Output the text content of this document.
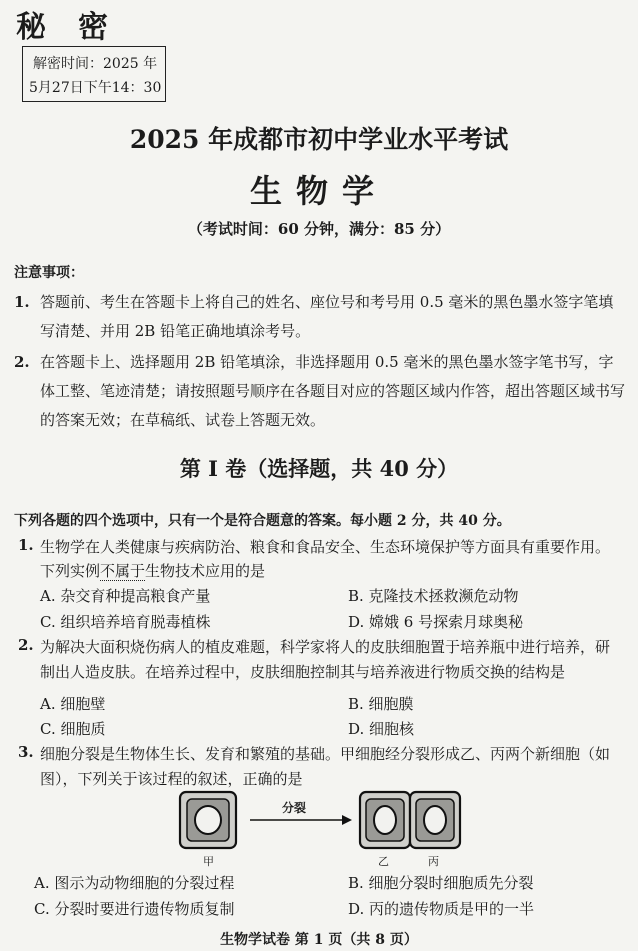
秘密
解密时间：2025 年
5月27日下午14：30
2025 年成都市初中学业水平考试
生物学
（考试时间：60 分钟，满分：85 分）
注意事项：
1. 答题前、考生在答题卡上将自己的姓名、座位号和考号用 0.5 毫米的黑色墨水签字笔填写清楚、并用 2B 铅笔正确地填涂考号。
2. 在答题卡上、选择题用 2B 铅笔填涂，非选择题用 0.5 毫米的黑色墨水签字笔书写，字体工整、笔迹清楚；请按照题号顺序在各题目对应的答题区域内作答，超出答题区域书写的答案无效；在草稿纸、试卷上答题无效。
第 Ⅰ 卷（选择题，共 40 分）
下列各题的四个选项中，只有一个是符合题意的答案。每小题 2 分，共 40 分。
1. 生物学在人类健康与疾病防治、粮食和食品安全、生态环境保护等方面具有重要作用。
下列实例不属于生物技术应用的是
A. 杂交育种提高粮食产量	B. 克隆技术拯救濒危动物
C. 组织培养培育脱毒植株	D. 嫦娥 6 号探索月球奥秘
2. 为解决大面积烧伤病人的植皮难题，科学家将人的皮肤细胞置于培养瓶中进行培养，研
制出人造皮肤。在培养过程中，皮肤细胞控制其与培养液进行物质交换的结构是
A. 细胞壁	B. 细胞膜
C. 细胞质	D. 细胞核
3. 细胞分裂是生物体生长、发育和繁殖的基础。甲细胞经分裂形成乙、丙两个新细胞（如
图），下列关于该过程的叙述，正确的是
分裂
甲	乙	丙
A. 图示为动物细胞的分裂过程	B. 细胞分裂时细胞质先分裂
C. 分裂时要进行遗传物质复制	D. 丙的遗传物质是甲的一半
生物学试卷 第 1 页（共 8 页）
